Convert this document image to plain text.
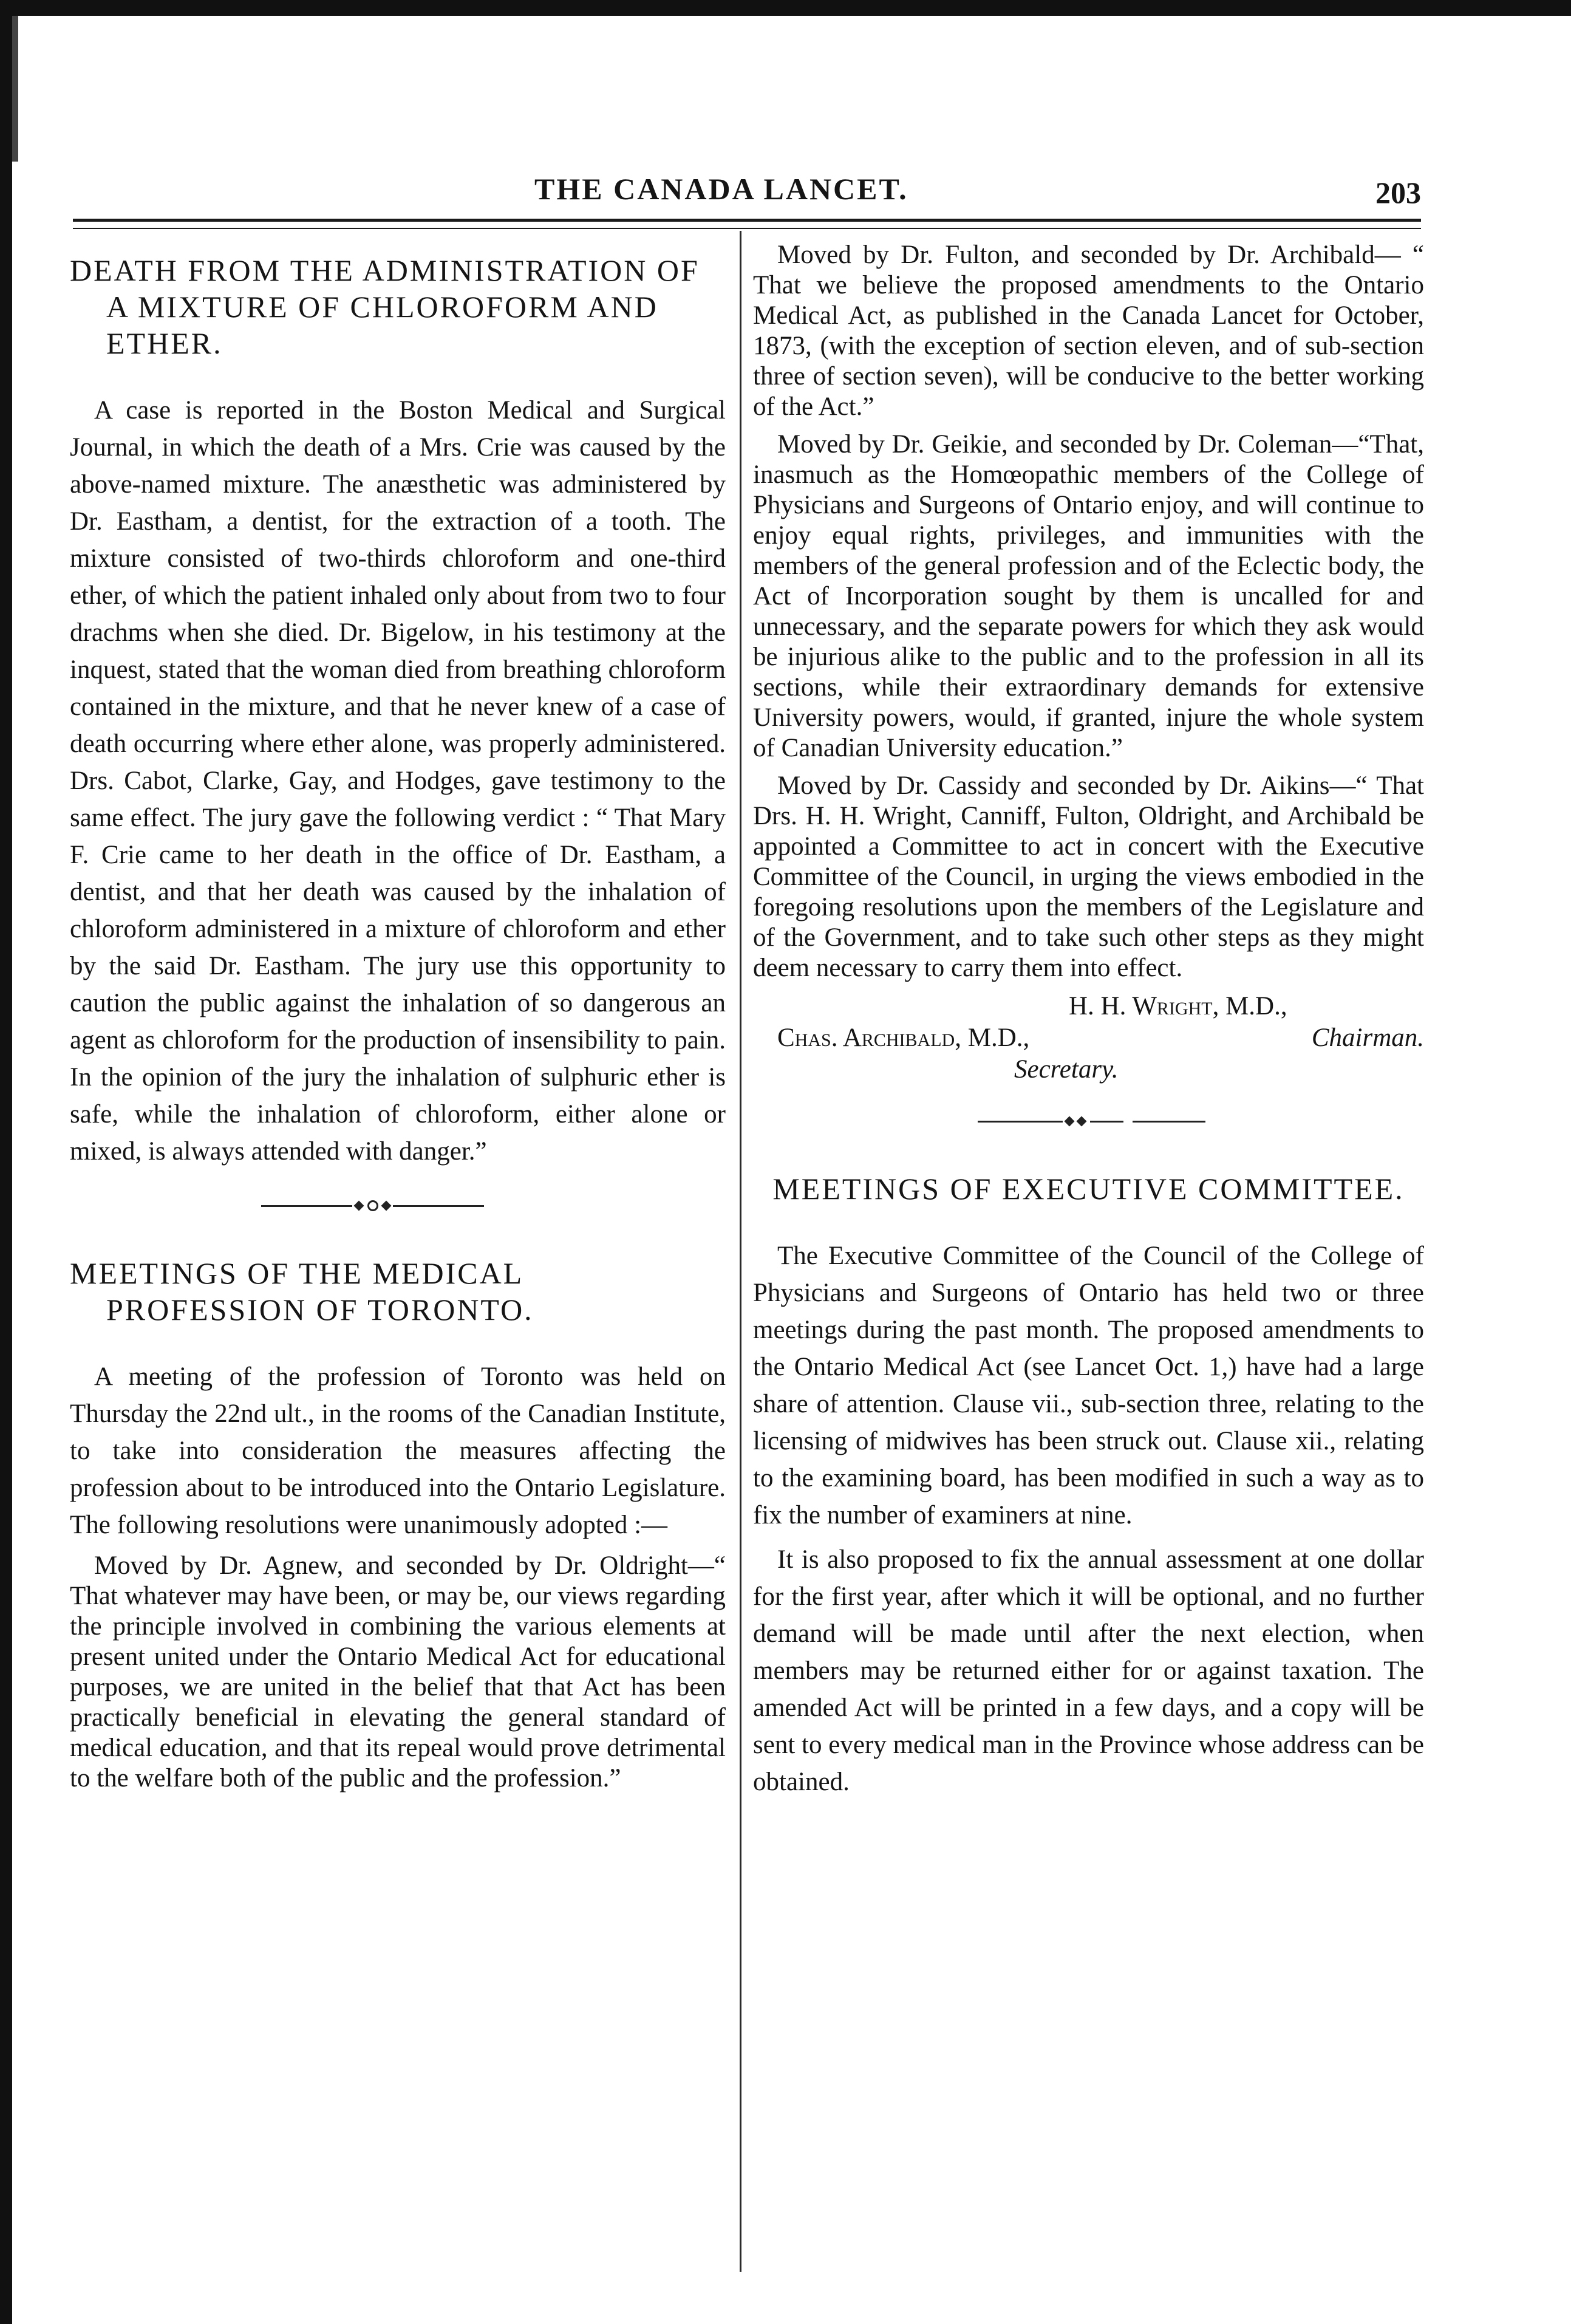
THE CANADA LANCET.	203
DEATH FROM THE ADMINISTRATION OF A MIXTURE OF CHLOROFORM AND ETHER.

A case is reported in the Boston Medical and Surgical Journal, in which the death of a Mrs. Crie was caused by the above-named mixture. The anæsthetic was administered by Dr. Eastham, a dentist, for the extraction of a tooth. The mixture consisted of two-thirds chloroform and one-third ether, of which the patient inhaled only about from two to four drachms when she died. Dr. Bigelow, in his testimony at the inquest, stated that the woman died from breathing chloroform contained in the mixture, and that he never knew of a case of death occurring where ether alone, was properly administered. Drs. Cabot, Clarke, Gay, and Hodges, gave testimony to the same effect. The jury gave the following verdict : “ That Mary F. Crie came to her death in the office of Dr. Eastham, a dentist, and that her death was caused by the inhalation of chloroform administered in a mixture of chloroform and ether by the said Dr. Eastham. The jury use this opportunity to caution the public against the inhalation of so dangerous an agent as chloroform for the production of insensibility to pain. In the opinion of the jury the inhalation of sulphuric ether is safe, while the inhalation of chloroform, either alone or mixed, is always attended with danger.”

MEETINGS OF THE MEDICAL PROFESSION OF TORONTO.

A meeting of the profession of Toronto was held on Thursday the 22nd ult., in the rooms of the Canadian Institute, to take into consideration the measures affecting the profession about to be introduced into the Ontario Legislature. The following resolutions were unanimously adopted :—

Moved by Dr. Agnew, and seconded by Dr. Oldright—“ That whatever may have been, or may be, our views regarding the principle involved in combining the various elements at present united under the Ontario Medical Act for educational purposes, we are united in the belief that that Act has been practically beneficial in elevating the general standard of medical education, and that its repeal would prove detrimental to the welfare both of the public and the profession.”

Moved by Dr. Fulton, and seconded by Dr. Archibald— “ That we believe the proposed amendments to the Ontario Medical Act, as published in the Canada Lancet for October, 1873, (with the exception of section eleven, and of sub-section three of section seven), will be conducive to the better working of the Act.”

Moved by Dr. Geikie, and seconded by Dr. Coleman—“That, inasmuch as the Homœopathic members of the College of Physicians and Surgeons of Ontario enjoy, and will continue to enjoy equal rights, privileges, and immunities with the members of the general profession and of the Eclectic body, the Act of Incorporation sought by them is uncalled for and unnecessary, and the separate powers for which they ask would be injurious alike to the public and to the profession in all its sections, while their extraordinary demands for extensive University powers, would, if granted, injure the whole system of Canadian University education.”

Moved by Dr. Cassidy and seconded by Dr. Aikins—“ That Drs. H. H. Wright, Canniff, Fulton, Oldright, and Archibald be appointed a Committee to act in concert with the Executive Committee of the Council, in urging the views embodied in the foregoing resolutions upon the members of the Legislature and of the Government, and to take such other steps as they might deem necessary to carry them into effect.

H. H. Wright, M.D.,
Chas. Archibald, M.D.,	Chairman.
Secretary.
MEETINGS OF EXECUTIVE COMMITTEE.

The Executive Committee of the Council of the College of Physicians and Surgeons of Ontario has held two or three meetings during the past month. The proposed amendments to the Ontario Medical Act (see Lancet Oct. 1,) have had a large share of attention. Clause vii., sub-section three, relating to the licensing of midwives has been struck out. Clause xii., relating to the examining board, has been modified in such a way as to fix the number of examiners at nine.

It is also proposed to fix the annual assessment at one dollar for the first year, after which it will be optional, and no further demand will be made until after the next election, when members may be returned either for or against taxation. The amended Act will be printed in a few days, and a copy will be sent to every medical man in the Province whose address can be obtained.
